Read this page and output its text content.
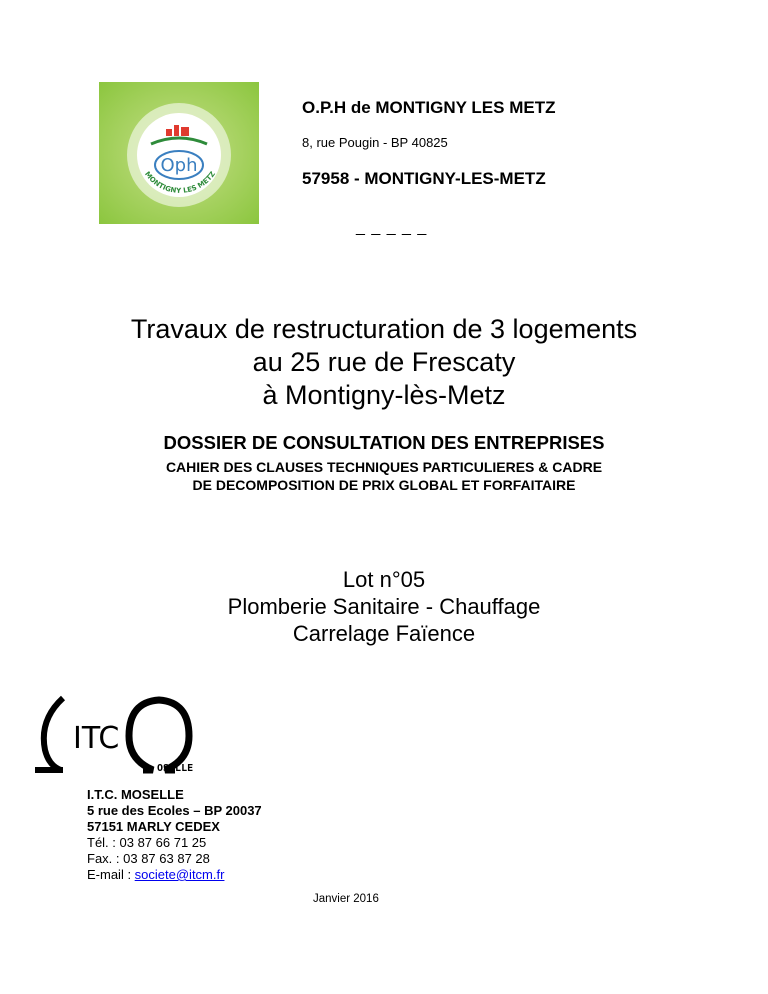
Oph
MONTIGNY LES METZ
O.P.H de MONTIGNY LES METZ
8, rue Pougin - BP 40825
57958 - MONTIGNY-LES-METZ
_ _ _ _ _
Travaux de restructuration de 3 logements
au 25 rue de Frescaty
à Montigny-lès-Metz
DOSSIER DE CONSULTATION DES ENTREPRISES
CAHIER DES CLAUSES TECHNIQUES PARTICULIERES & CADRE
DE DECOMPOSITION DE PRIX GLOBAL ET FORFAITAIRE
Lot n°05
Plomberie Sanitaire - Chauffage
Carrelage Faïence
ITC
OSELLE
I.T.C. MOSELLE
5 rue des Ecoles – BP 20037
57151 MARLY CEDEX
Tél. : 03 87 66 71 25
Fax. : 03 87 63 87 28
E-mail : societe@itcm.fr
Janvier 2016
